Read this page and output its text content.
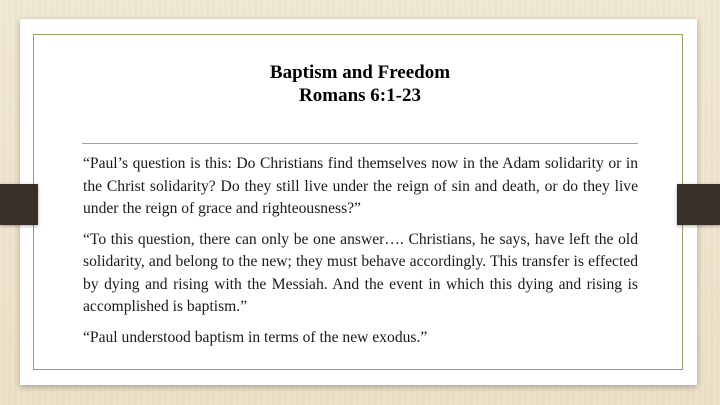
Baptism and Freedom
Romans 6:1-23

“Paul’s question is this: Do Christians find themselves now in the Adam solidarity or in the Christ solidarity? Do they still live under the reign of sin and death, or do they live under the reign of grace and righteousness?”

“To this question, there can only be one answer…. Christians, he says, have left the old solidarity, and belong to the new; they must behave accordingly. This transfer is effected by dying and rising with the Messiah. And the event in which this dying and rising is accomplished is baptism.”

“Paul understood baptism in terms of the new exodus.”
